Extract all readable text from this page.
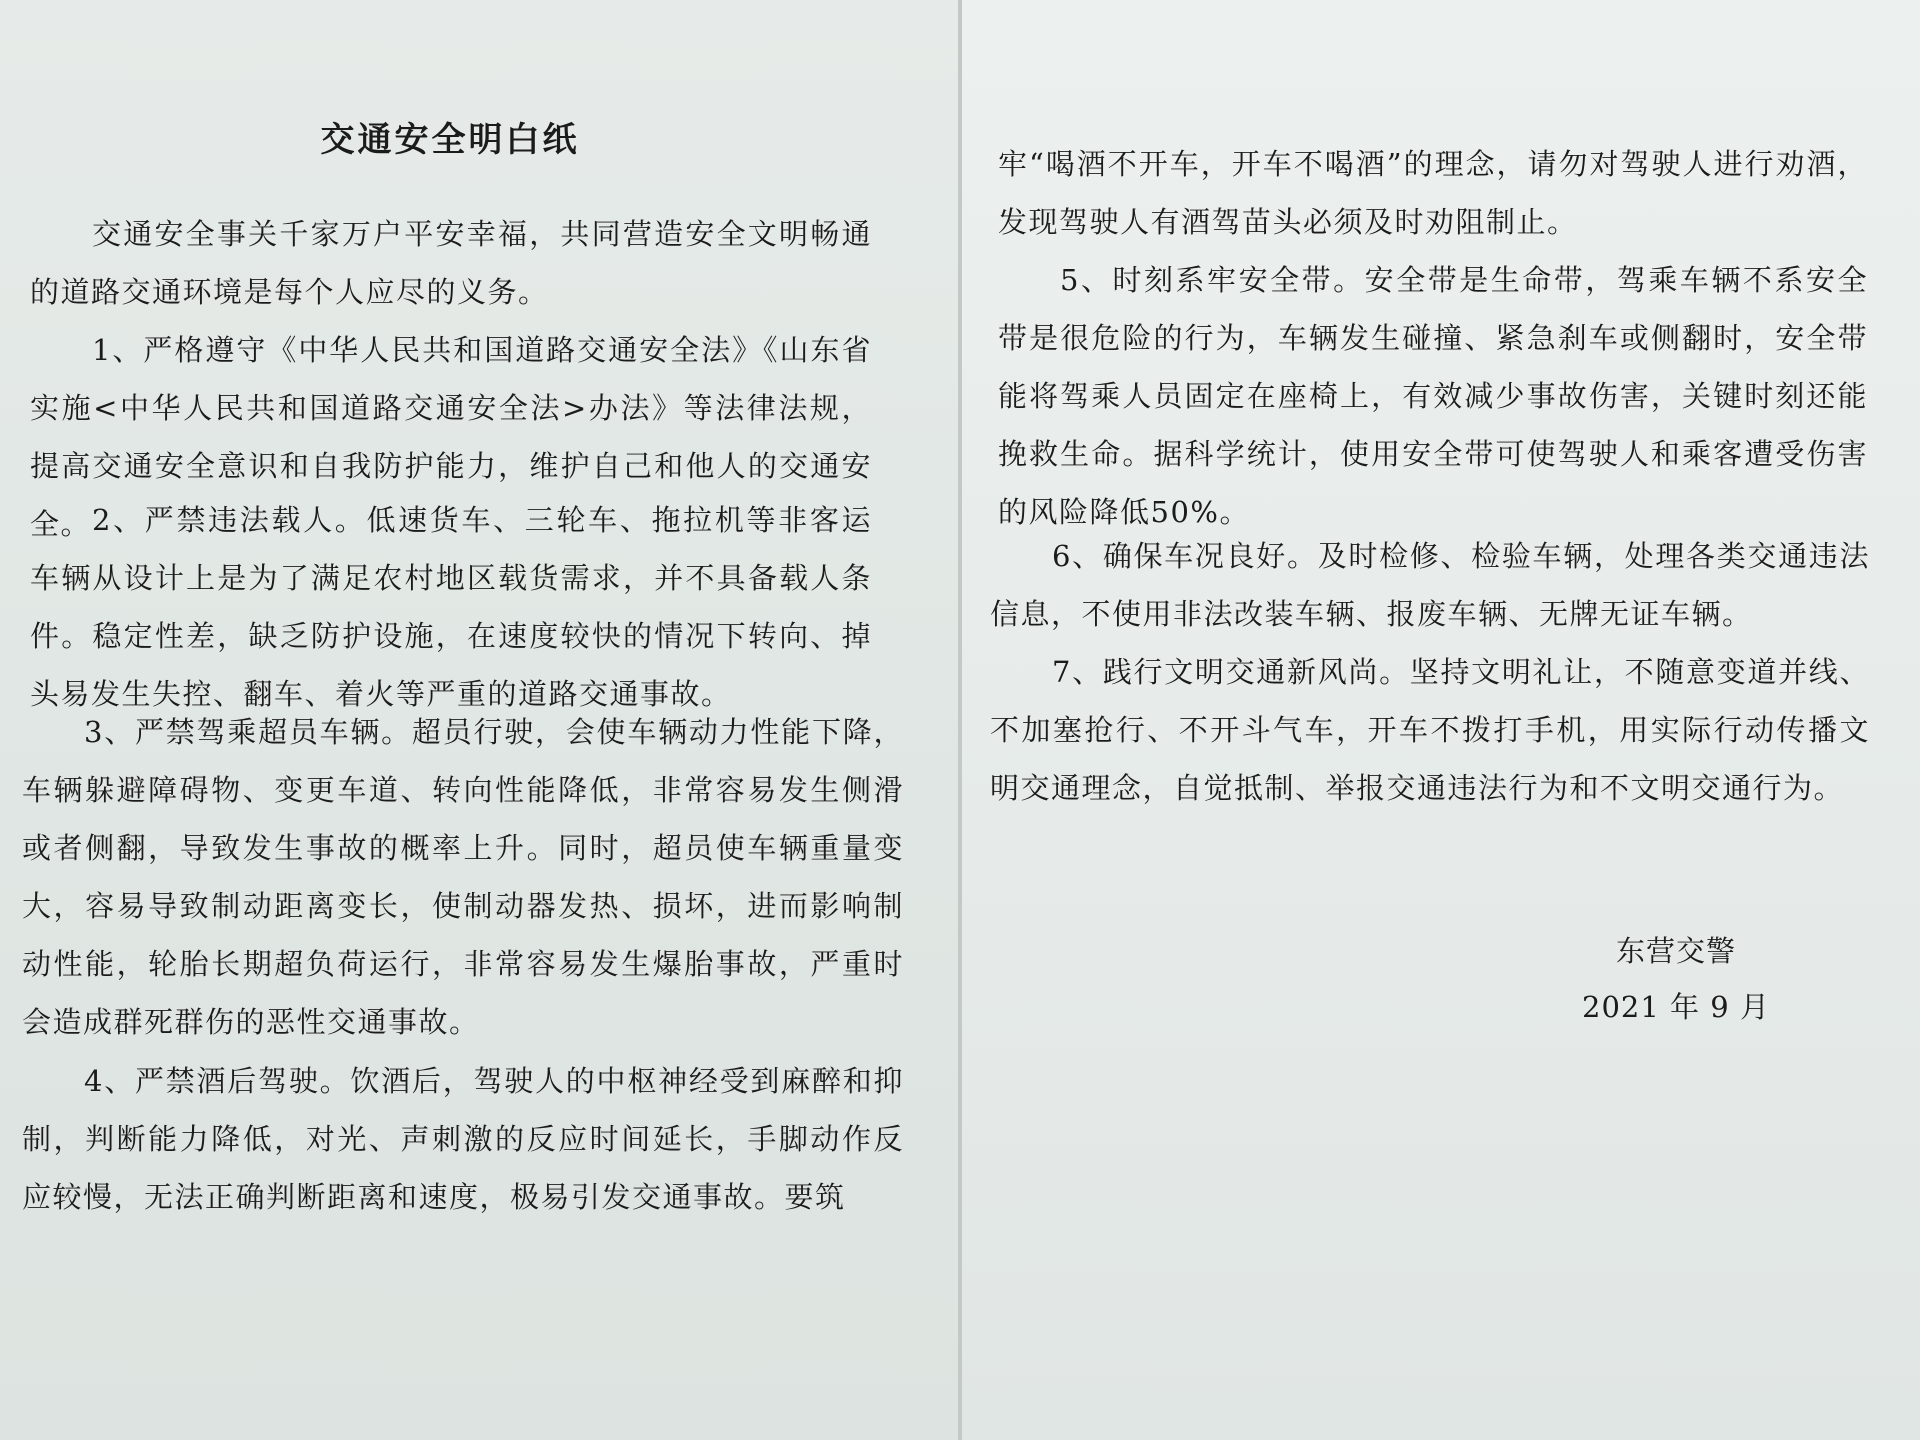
交通安全明白纸

交通安全事关千家万户平安幸福，共同营造安全文明畅通的道路交通环境是每个人应尽的义务。

1、严格遵守《中华人民共和国道路交通安全法》《山东省实施<中华人民共和国道路交通安全法>办法》等法律法规，提高交通安全意识和自我防护能力，维护自己和他人的交通安全。 2、严禁违法载人。低速货车、三轮车、拖拉机等非客运车辆从设计上是为了满足农村地区载货需求，并不具备载人条件。稳定性差，缺乏防护设施，在速度较快的情况下转向、掉头易发生失控、翻车、着火等严重的道路交通事故。

3、严禁驾乘超员车辆。超员行驶，会使车辆动力性能下降，车辆躲避障碍物、变更车道、转向性能降低，非常容易发生侧滑或者侧翻，导致发生事故的概率上升。同时，超员使车辆重量变大，容易导致制动距离变长，使制动器发热、损坏，进而影响制动性能，轮胎长期超负荷运行，非常容易发生爆胎事故，严重时会造成群死群伤的恶性交通事故。

4、严禁酒后驾驶。饮酒后，驾驶人的中枢神经受到麻醉和抑制，判断能力降低，对光、声刺激的反应时间延长，手脚动作反应较慢，无法正确判断距离和速度，极易引发交通事故。要筑

牢“喝酒不开车，开车不喝酒”的理念，请勿对驾驶人进行劝酒，发现驾驶人有酒驾苗头必须及时劝阻制止。

5、时刻系牢安全带。安全带是生命带，驾乘车辆不系安全带是很危险的行为，车辆发生碰撞、紧急刹车或侧翻时，安全带能将驾乘人员固定在座椅上，有效减少事故伤害，关键时刻还能挽救生命。据科学统计，使用安全带可使驾驶人和乘客遭受伤害的风险降低50%。

6、确保车况良好。及时检修、检验车辆，处理各类交通违法信息，不使用非法改装车辆、报废车辆、无牌无证车辆。

7、践行文明交通新风尚。坚持文明礼让，不随意变道并线、不加塞抢行、不开斗气车，开车不拨打手机，用实际行动传播文明交通理念，自觉抵制、举报交通违法行为和不文明交通行为。

东营交警

2021 年 9 月
